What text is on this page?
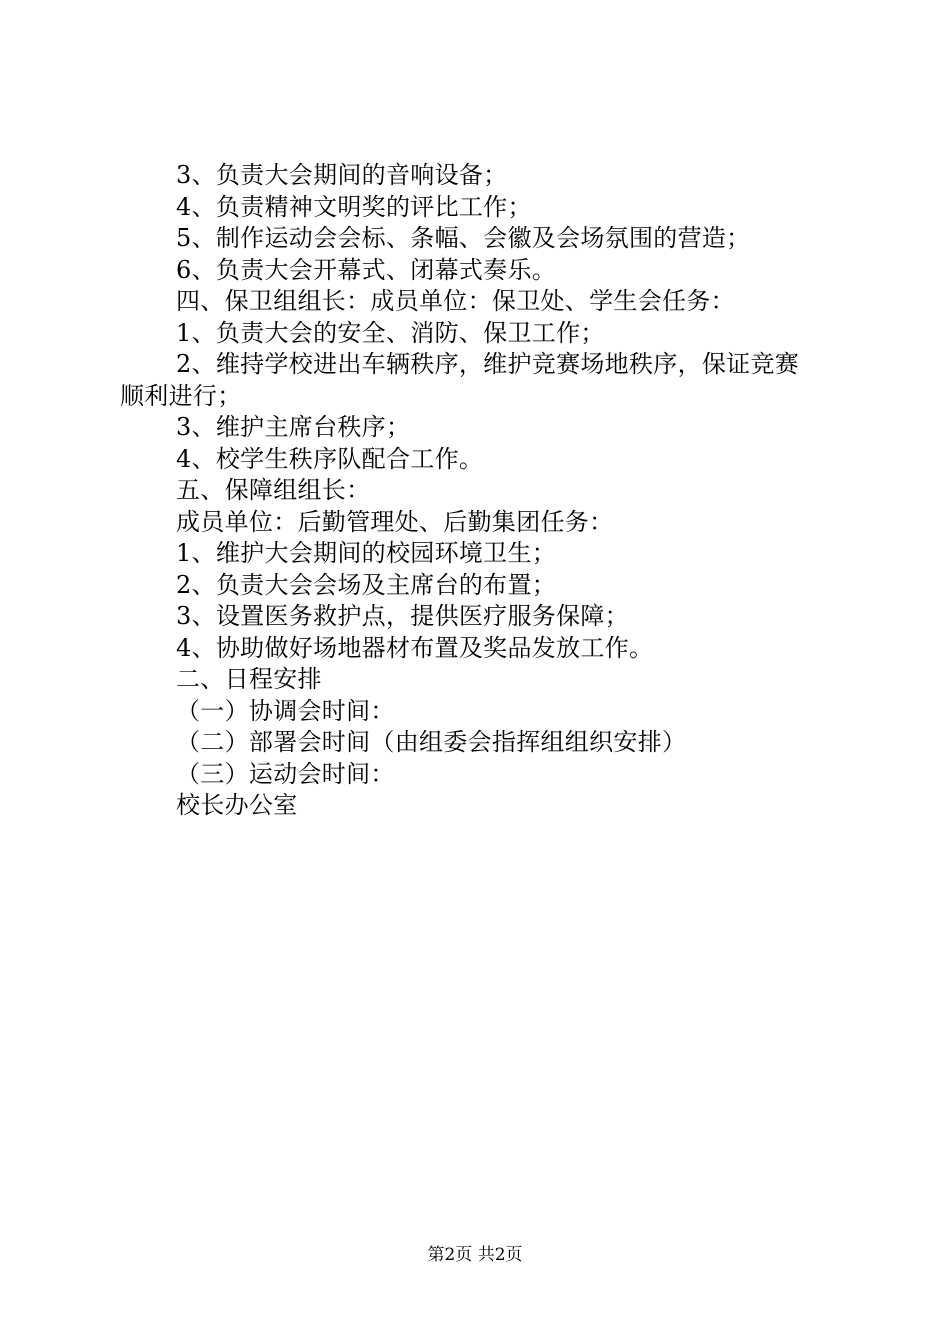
3、负责大会期间的音响设备；
4、负责精神文明奖的评比工作；
5、制作运动会会标、条幅、会徽及会场氛围的营造；
6、负责大会开幕式、闭幕式奏乐。
四、保卫组组长：成员单位：保卫处、学生会任务：
1、负责大会的安全、消防、保卫工作；
2、维持学校进出车辆秩序，维护竞赛场地秩序，保证竞赛
顺利进行；
3、维护主席台秩序；
4、校学生秩序队配合工作。
五、保障组组长：
成员单位：后勤管理处、后勤集团任务：
1、维护大会期间的校园环境卫生；
2、负责大会会场及主席台的布置；
3、设置医务救护点，提供医疗服务保障；
4、协助做好场地器材布置及奖品发放工作。
二、日程安排
（一）协调会时间：
（二）部署会时间（由组委会指挥组组织安排）
（三）运动会时间：
校长办公室
第2页 共2页
